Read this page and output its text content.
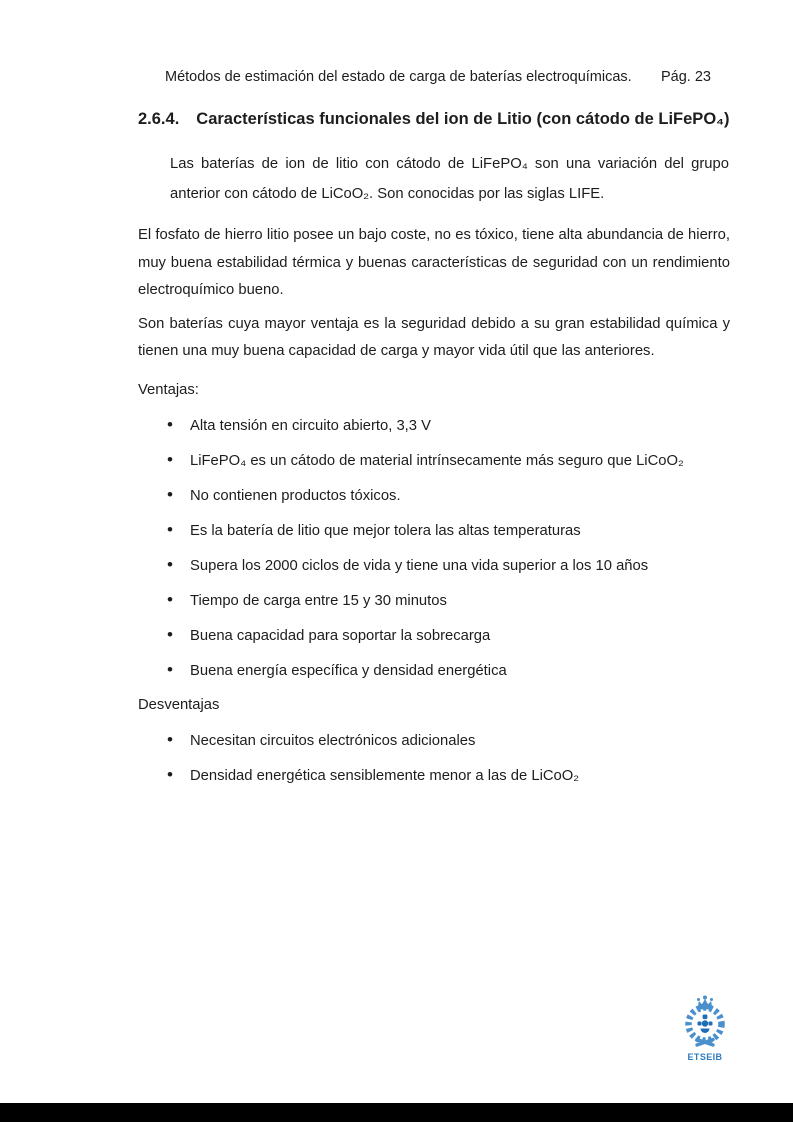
Métodos de estimación del estado de carga de baterías electroquímicas. Pág. 23
2.6.4. Características funcionales del ion de Litio (con cátodo de LiFePO₄)

Las baterías de ion de litio con cátodo de LiFePO₄ son una variación del grupo anterior con cátodo de LiCoO₂. Son conocidas por las siglas LIFE.

El fosfato de hierro litio posee un bajo coste, no es tóxico, tiene alta abundancia de hierro, muy buena estabilidad térmica y buenas características de seguridad con un rendimiento electroquímico bueno.

Son baterías cuya mayor ventaja es la seguridad debido a su gran estabilidad química y tienen una muy buena capacidad de carga y mayor vida útil que las anteriores.

Ventajas:
• Alta tensión en circuito abierto, 3,3 V
• LiFePO₄ es un cátodo de material intrínsecamente más seguro que LiCoO₂
• No contienen productos tóxicos.
• Es la batería de litio que mejor tolera las altas temperaturas
• Supera los 2000 ciclos de vida y tiene una vida superior a los 10 años
• Tiempo de carga entre 15 y 30 minutos
• Buena capacidad para soportar la sobrecarga
• Buena energía específica y densidad energética
Desventajas
• Necesitan circuitos electrónicos adicionales
• Densidad energética sensiblemente menor a las de LiCoO₂
ETSEIB
